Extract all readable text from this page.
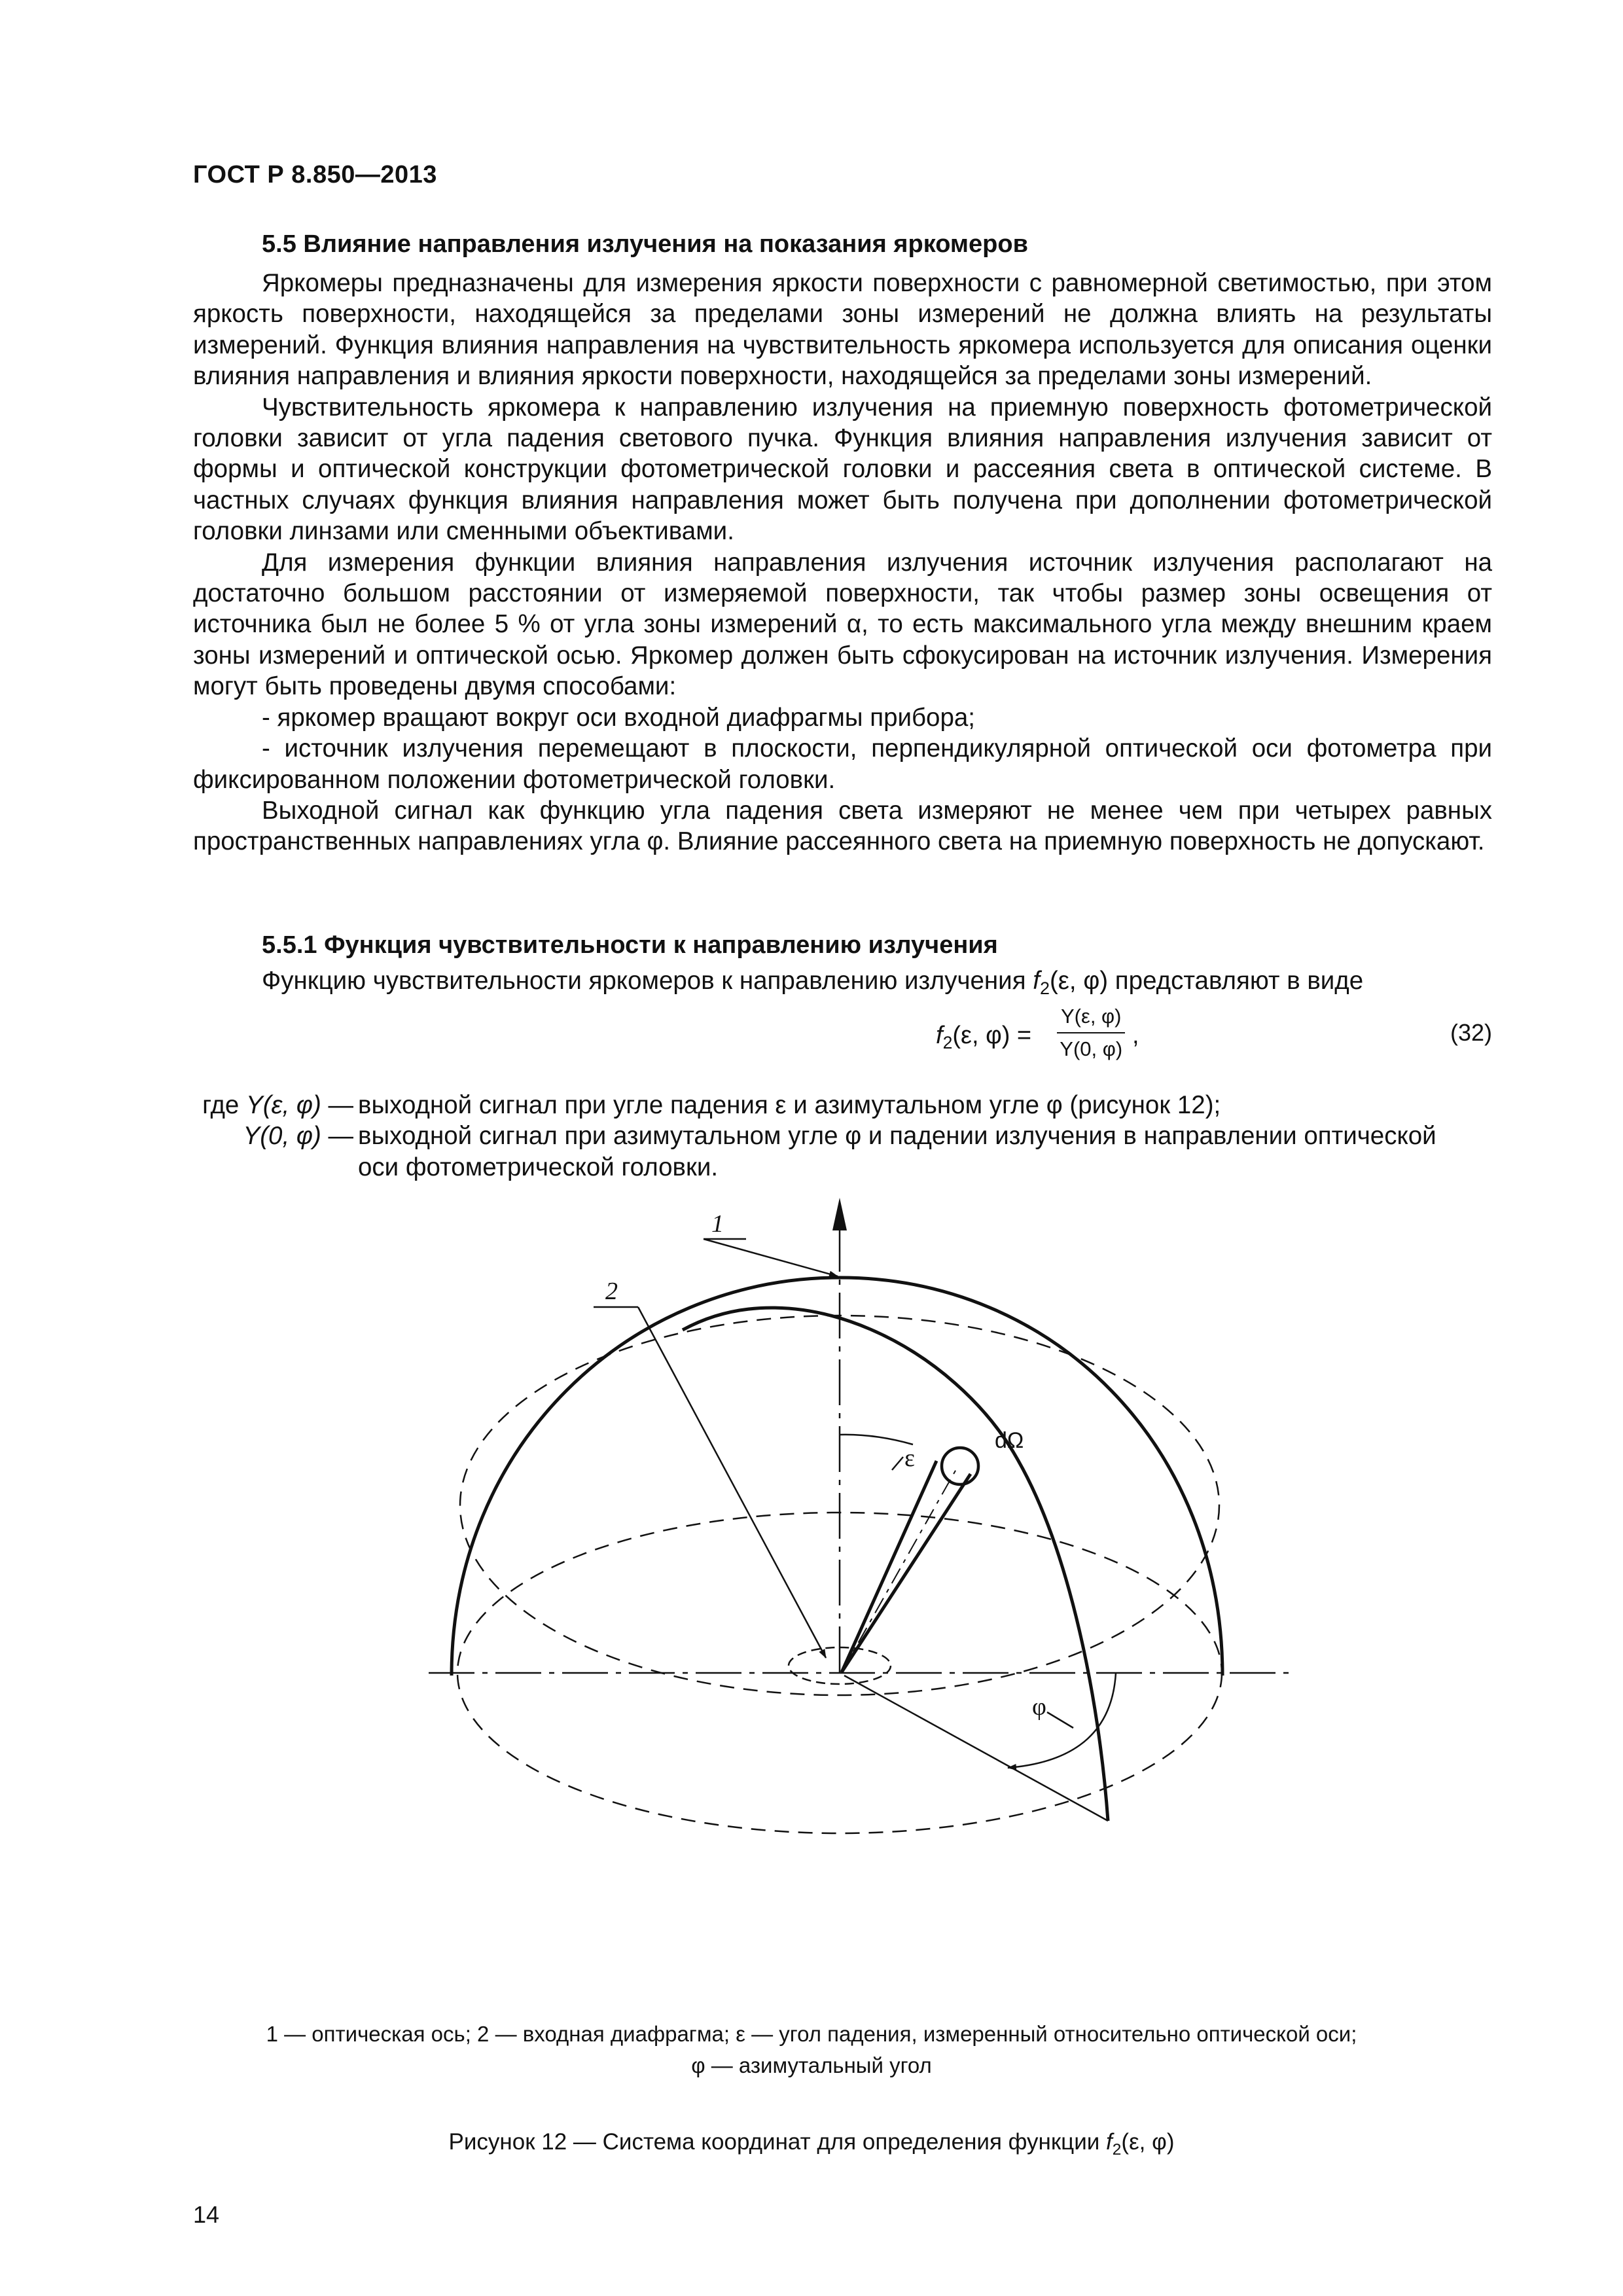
ГОСТ Р 8.850—2013
5.5 Влияние направления излучения на показания яркомеров

Яркомеры предназначены для измерения яркости поверхности с равномерной светимостью, при этом яркость поверхности, находящейся за пределами зоны измерений не должна влиять на результаты измерений. Функция влияния направления на чувствительность яркомера используется для описания оценки влияния направления и влияния яркости поверхности, находящейся за пределами зоны измерений.

Чувствительность яркомера к направлению излучения на приемную поверхность фотометрической головки зависит от угла падения светового пучка. Функция влияния направления излучения зависит от формы и оптической конструкции фотометрической головки и рассеяния света в оптической системе. В частных случаях функция влияния направления может быть получена при дополнении фотометрической головки линзами или сменными объективами.

Для измерения функции влияния направления излучения источник излучения располагают на достаточно большом расстоянии от измеряемой поверхности, так чтобы размер зоны освещения от источника был не более 5 % от угла зоны измерений α, то есть максимального угла между внешним краем зоны измерений и оптической осью. Яркомер должен быть сфокусирован на источник излучения. Измерения могут быть проведены двумя способами:

- яркомер вращают вокруг оси входной диафрагмы прибора;

- источник излучения перемещают в плоскости, перпендикулярной оптической оси фотометра при фиксированном положении фотометрической головки.

Выходной сигнал как функцию угла падения света измеряют не менее чем при четырех равных пространственных направлениях угла φ. Влияние рассеянного света на приемную поверхность не допускают.

5.5.1 Функция чувствительности к направлению излучения

Функцию чувствительности яркомеров к направлению излучения $f_2(\varepsilon$, φ) представляют в виде

$f_2(\varepsilon$, $\varphi) = \frac{Y(\varepsilon, \varphi)}{Y(0, \varphi)}$ ,	(32)
где Y(ε, φ) — выходной сигнал при угле падения ε и азимутальном угле φ (рисунок 12);
Y(0, φ) — выходной сигнал при азимутальном угле φ и падении излучения в направлении оптической
оси фотометрической головки.
1
2
ε
φ
dΩ
1 — оптическая ось; 2 — входная диафрагма; ε — угол падения, измеренный относительно оптической оси;
φ — азимутальный угол
Рисунок 12 — Система координат для определения функции $f_2(\varepsilon$, φ)
14
